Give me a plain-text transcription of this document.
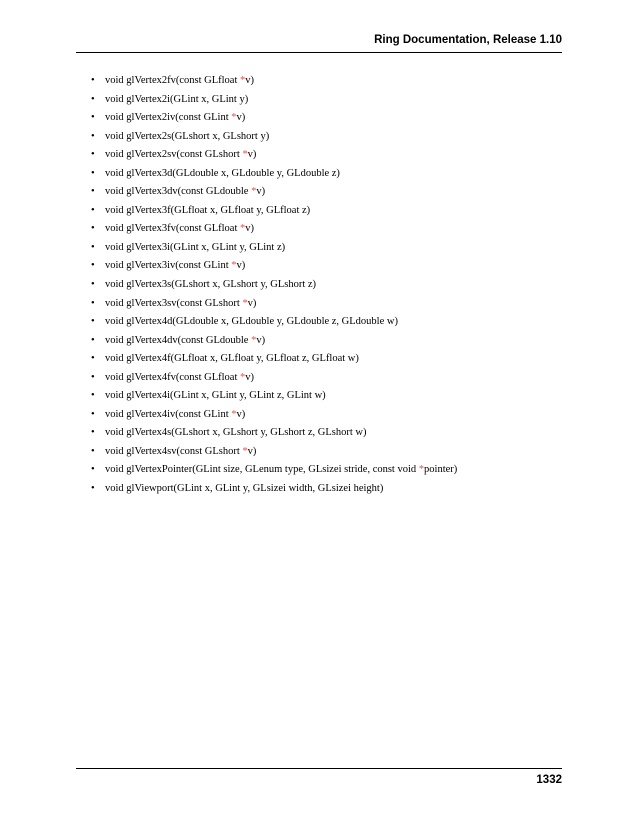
Ring Documentation, Release 1.10
• void glVertex2fv(const GLfloat *v)
• void glVertex2i(GLint x, GLint y)
• void glVertex2iv(const GLint *v)
• void glVertex2s(GLshort x, GLshort y)
• void glVertex2sv(const GLshort *v)
• void glVertex3d(GLdouble x, GLdouble y, GLdouble z)
• void glVertex3dv(const GLdouble *v)
• void glVertex3f(GLfloat x, GLfloat y, GLfloat z)
• void glVertex3fv(const GLfloat *v)
• void glVertex3i(GLint x, GLint y, GLint z)
• void glVertex3iv(const GLint *v)
• void glVertex3s(GLshort x, GLshort y, GLshort z)
• void glVertex3sv(const GLshort *v)
• void glVertex4d(GLdouble x, GLdouble y, GLdouble z, GLdouble w)
• void glVertex4dv(const GLdouble *v)
• void glVertex4f(GLfloat x, GLfloat y, GLfloat z, GLfloat w)
• void glVertex4fv(const GLfloat *v)
• void glVertex4i(GLint x, GLint y, GLint z, GLint w)
• void glVertex4iv(const GLint *v)
• void glVertex4s(GLshort x, GLshort y, GLshort z, GLshort w)
• void glVertex4sv(const GLshort *v)
• void glVertexPointer(GLint size, GLenum type, GLsizei stride, const void *pointer)
• void glViewport(GLint x, GLint y, GLsizei width, GLsizei height)
1332
